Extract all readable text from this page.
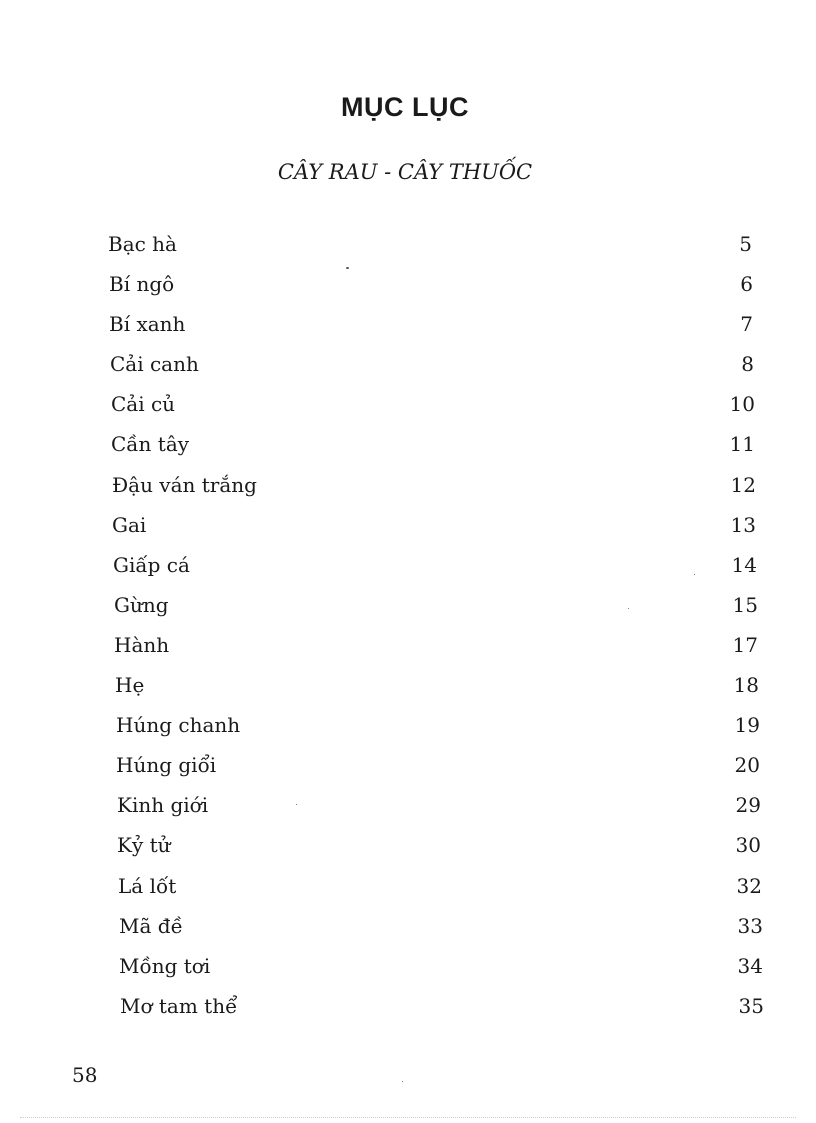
MỤC LỤC
CÂY RAU - CÂY THUỐC
Bạc hà	5
Bí ngô	6
Bí xanh	7
Cải canh	8
Cải củ	10
Cần tây	11
Đậu ván trắng	12
Gai	13
Giấp cá	14
Gừng	15
Hành	17
Hẹ	18
Húng chanh	19
Húng giổi	20
Kinh giới	29
Kỷ tử	30
Lá lốt	32
Mã đề	33
Mồng tơi	34
Mơ tam thể	35
58
